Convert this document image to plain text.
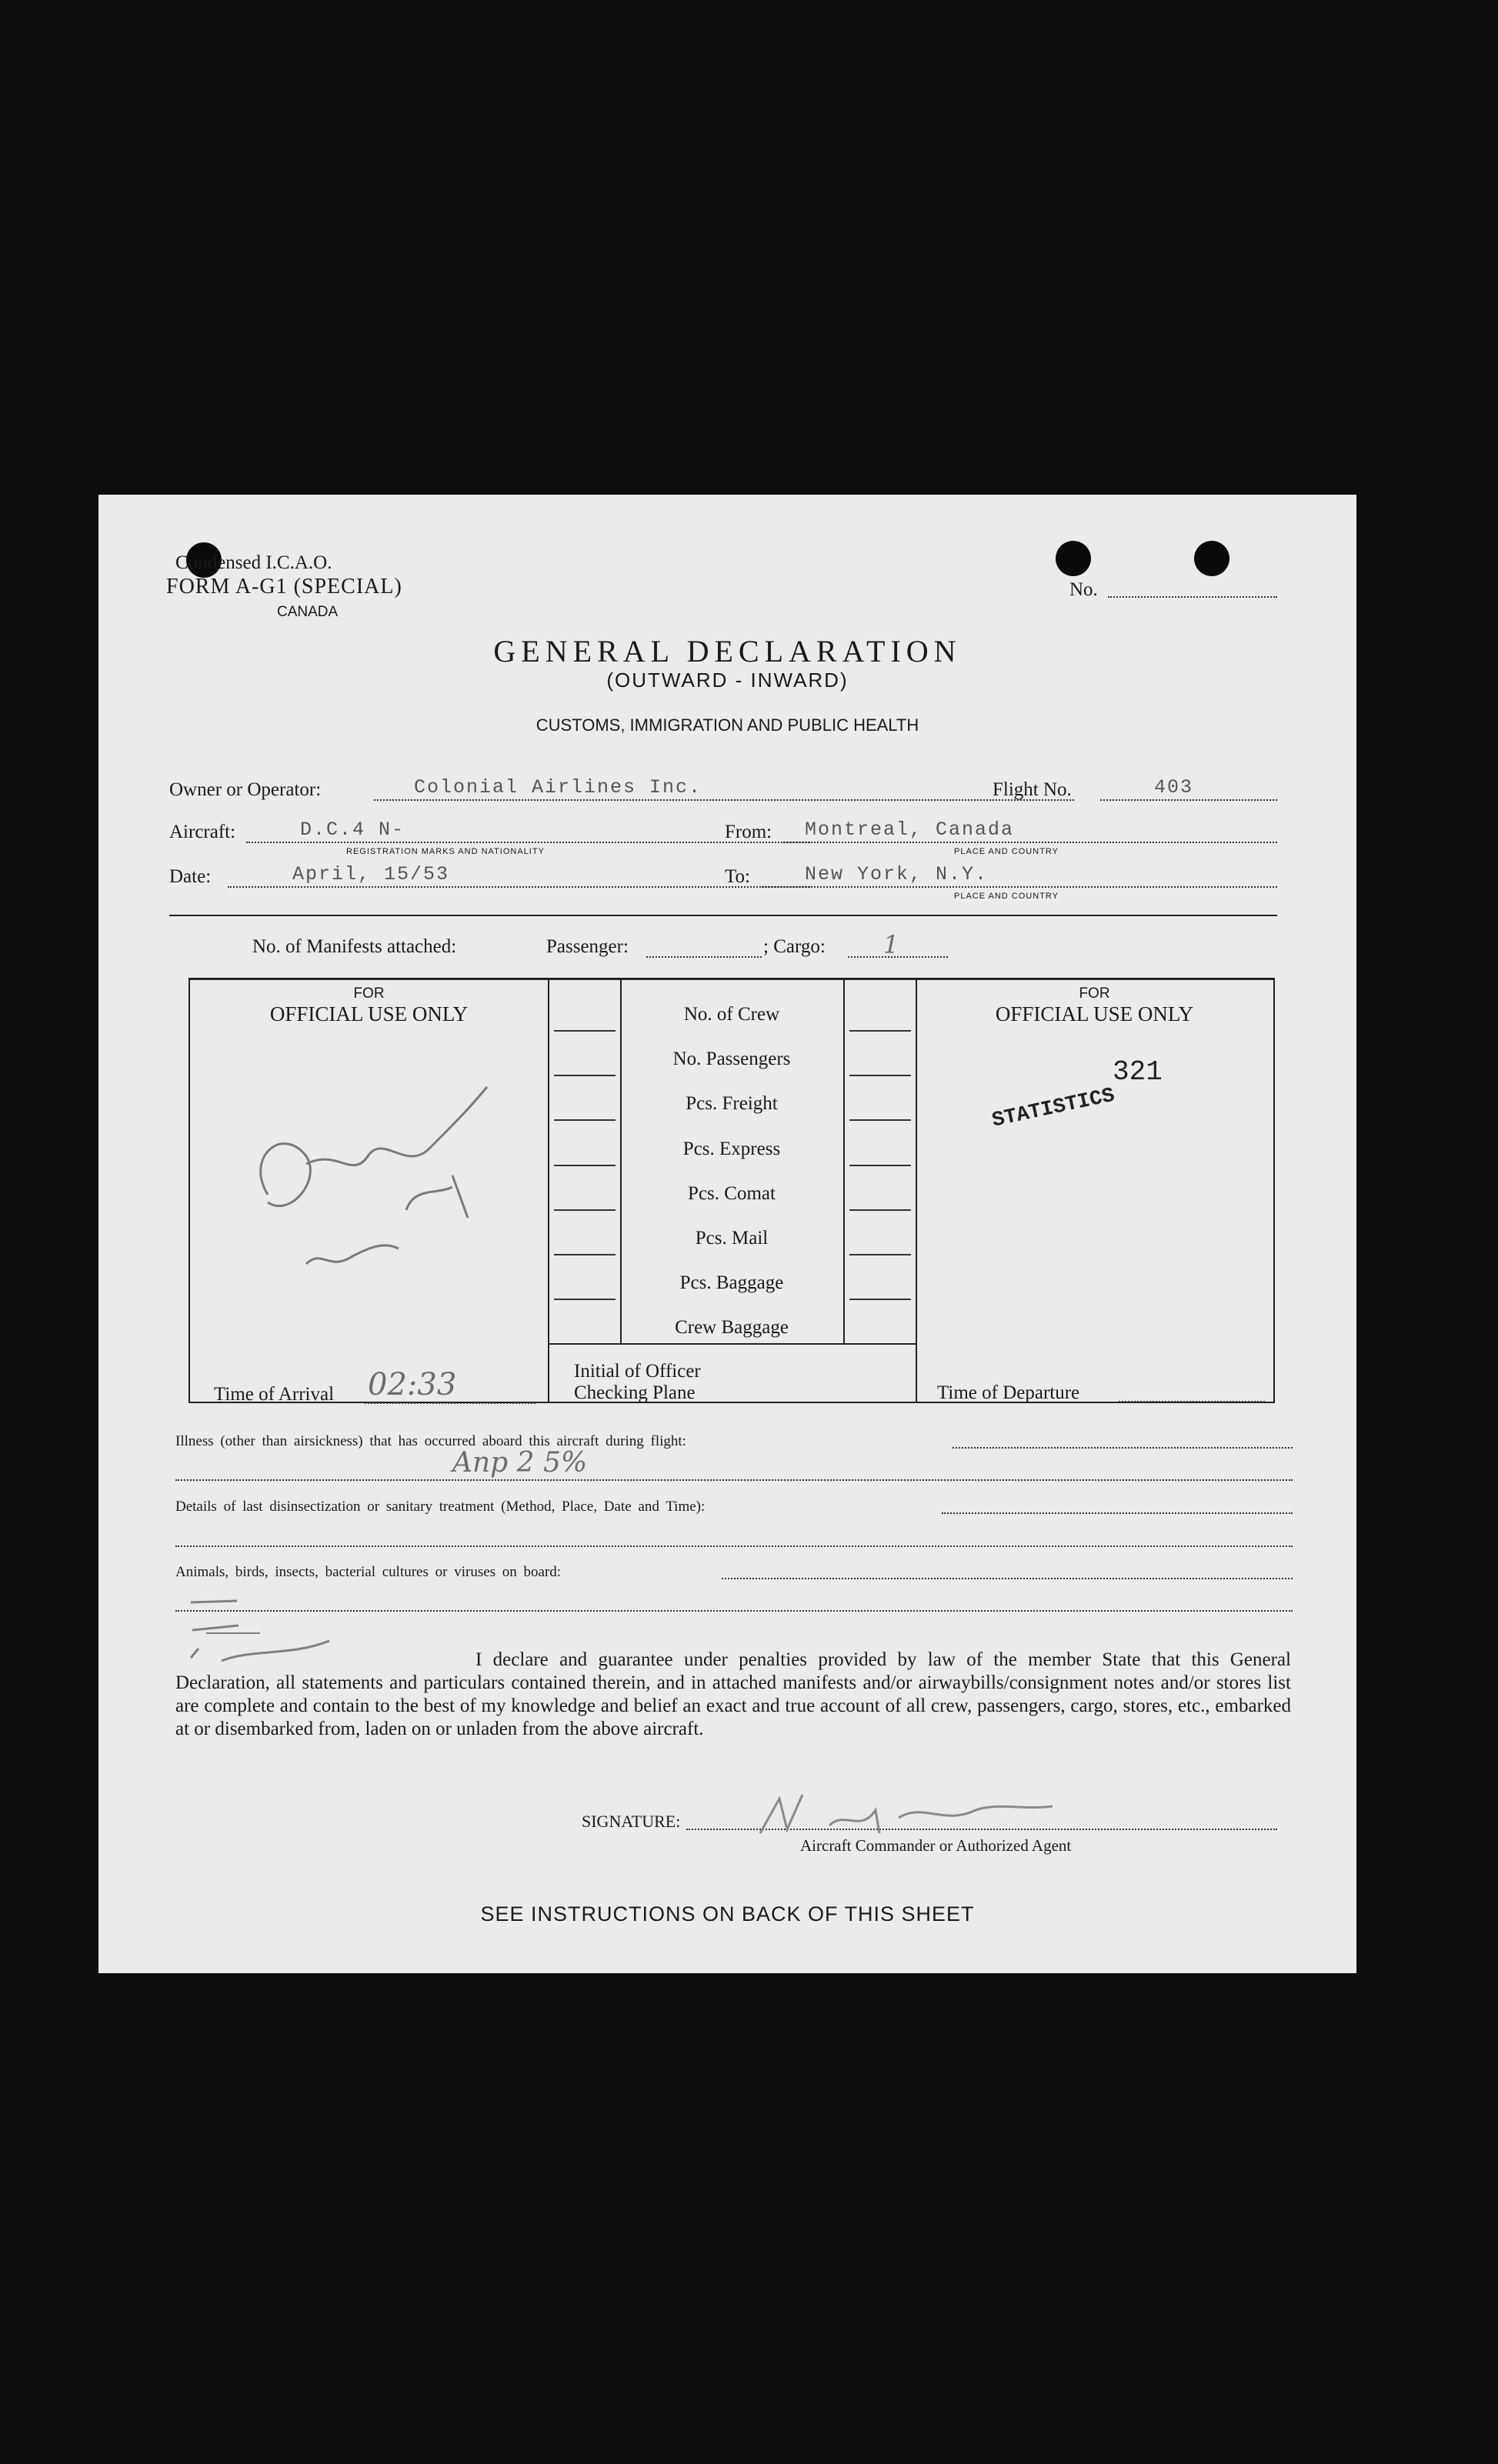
Condensed I.C.A.O.
FORM A-G1 (SPECIAL)
CANADA
No.
GENERAL DECLARATION
(OUTWARD - INWARD)
CUSTOMS, IMMIGRATION AND PUBLIC HEALTH
Owner or Operator:	Colonial Airlines Inc.	Flight No.	403
Aircraft:	D.C.4 N-
REGISTRATION MARKS AND NATIONALITY
From: Montreal, Canada
PLACE AND COUNTRY
Date:	April, 15/53	To:	New York, N.Y.
PLACE AND COUNTRY
No. of Manifests attached:	Passenger:	; Cargo: 1
FOR
OFFICIAL USE ONLY
FOR
OFFICIAL USE ONLY
No. of Crew
No. Passengers
Pcs. Freight
Pcs. Express
Pcs. Comat
Pcs. Mail
Pcs. Baggage
Crew Baggage
321
STATISTICS
Time of Arrival 02:33	Initial of Officer
Checking Plane	Time of Departure
Illness (other than airsickness) that has occurred aboard this aircraft during flight:
Anp 2 5%
Details of last disinsectization or sanitary treatment (Method, Place, Date and Time):
Animals, birds, insects, bacterial cultures or viruses on board:

I declare and guarantee under penalties provided by law of the member State that this General Declaration, all statements and particulars contained therein, and in attached manifests and/or airwaybills/consignment notes and/or stores list are complete and contain to the best of my knowledge and belief an exact and true account of all crew, passengers, cargo, stores, etc., embarked at or disembarked from, laden on or unladen from the above aircraft.

SIGNATURE:
Aircraft Commander or Authorized Agent
SEE INSTRUCTIONS ON BACK OF THIS SHEET
